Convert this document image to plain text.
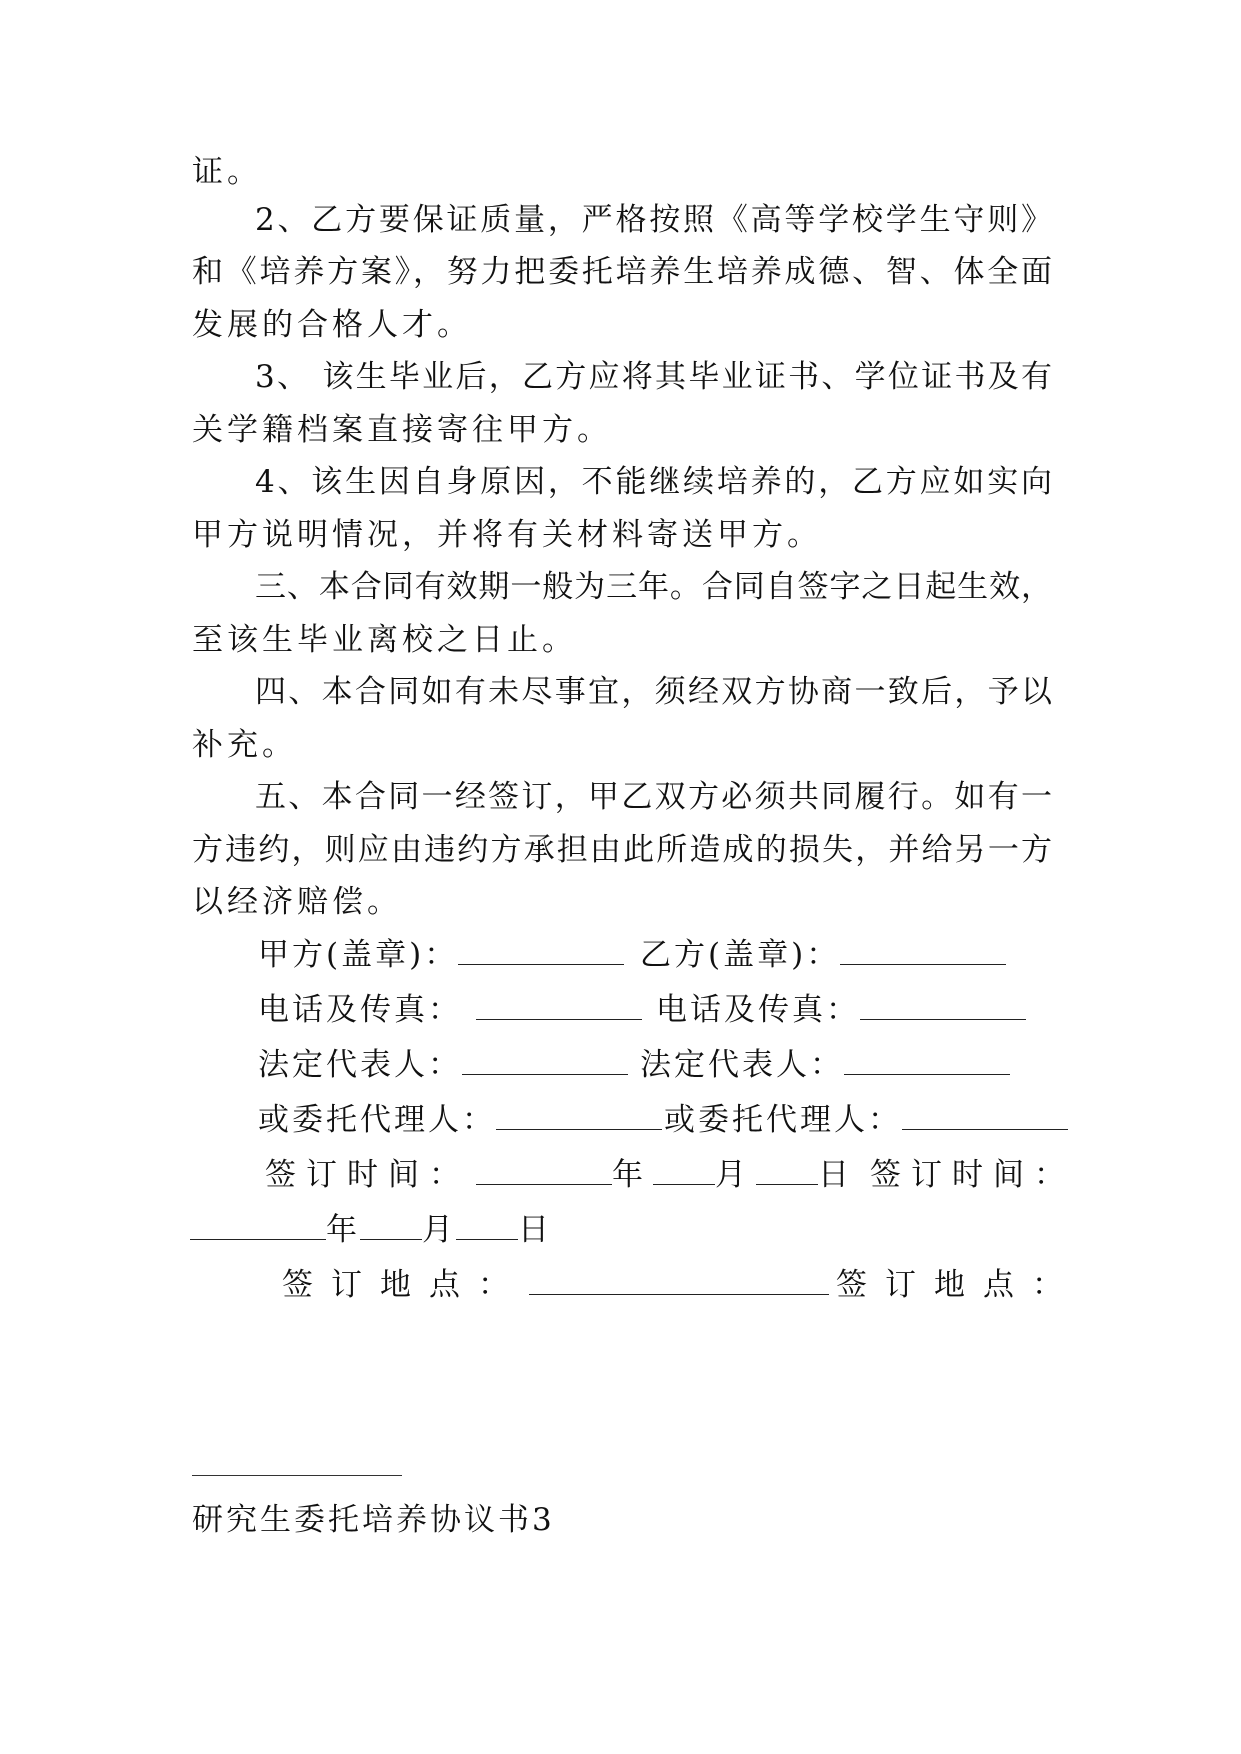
证。
2、乙方要保证质量，严格按照《高等学校学生守则》
和《培养方案》，努力把委托培养生培养成德、智、体全面
发展的合格人才。
3、 该生毕业后，乙方应将其毕业证书、学位证书及有
关学籍档案直接寄往甲方。
4、该生因自身原因，不能继续培养的，乙方应如实向
甲方说明情况，并将有关材料寄送甲方。
三、本合同有效期一般为三年。合同自签字之日起生效，
至该生毕业离校之日止。
四、本合同如有未尽事宜，须经双方协商一致后，予以
补充。
五、本合同一经签订，甲乙双方必须共同履行。如有一
方违约，则应由违约方承担由此所造成的损失，并给另一方
以经济赔偿。
甲方(盖章)：	乙方(盖章)：
电话及传真：	电话及传真：
法定代表人：	法定代表人：
或委托代理人：	或委托代理人：
签订时间：	年 月 日 签订时间：
年 月 日
签订地点：	签订地点：
研究生委托培养协议书3
